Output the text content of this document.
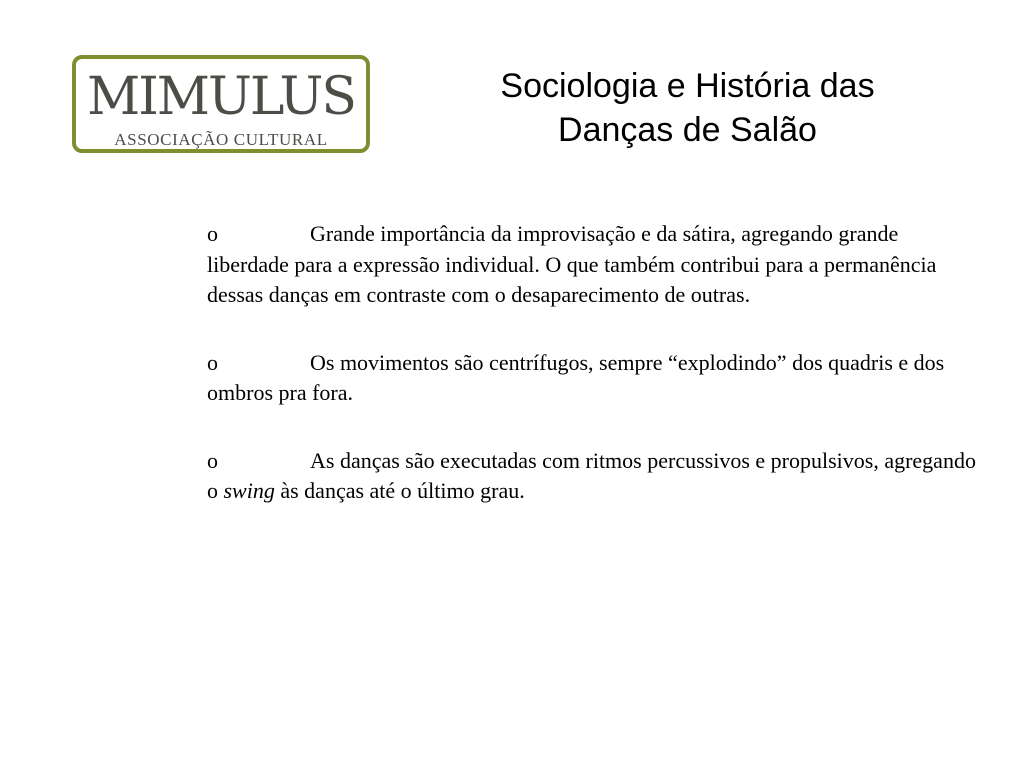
MIMULUS
ASSOCIAÇÃO CULTURAL
Sociologia e História das
Danças de Salão

o	Grande importância da improvisação e da sátira, agregando grande liberdade para a expressão individual. O que também contribui para a permanência dessas danças em contraste com o desaparecimento de outras.

o	Os movimentos são centrífugos, sempre “explodindo” dos quadris e dos ombros pra fora.

o	As danças são executadas com ritmos percussivos e propulsivos, agregando o swing às danças até o último grau.
